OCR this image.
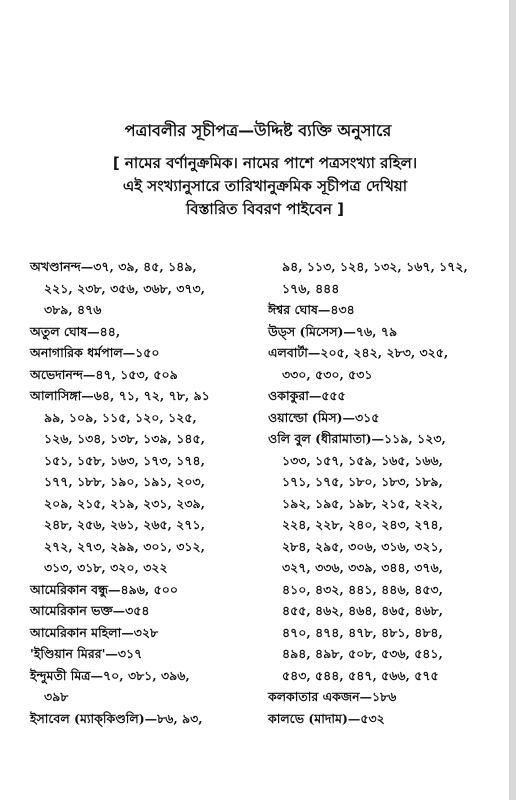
পত্রাবলীর সূচীপত্র—উদ্দিষ্ট ব্যক্তি অনুসারে
[ নামের বর্ণানুক্রমিক। নামের পাশে পত্রসংখ্যা রহিল।
এই সংখ্যানুসারে তারিখানুক্রমিক সূচীপত্র দেখিয়া
বিস্তারিত বিবরণ পাইবেন ]
অখণ্ডানন্দ—৩৭, ৩৯, ৪৫, ১৪৯,
২২১, ২৩৮, ৩৫৬, ৩৬৮, ৩৭৩,
৩৮৯, ৪৭৬
অতুল ঘোষ—৪৪,
অনাগারিক ধর্মপাল—১৫০
অভেদানন্দ—৪৭, ১৫৩, ৫০৯
আলাসিঙ্গা—৬৪, ৭১, ৭২, ৭৮, ৯১
৯৯, ১০৯, ১১৫, ১২০, ১২৫,
১২৬, ১৩৪, ১৩৮, ১৩৯, ১৪৫,
১৫১, ১৫৮, ১৬৩, ১৭৩, ১৭৪,
১৭৭, ১৮৮, ১৯০, ১৯১, ২০৩,
২০৯, ২১৫, ২১৯, ২৩১, ২৩৯,
২৪৮, ২৫৬, ২৬১, ২৬৫, ২৭১,
২৭২, ২৭৩, ২৯৯, ৩০১, ৩১২,
৩১৩, ৩১৮, ৩২০, ৩২২
আমেরিকান বন্ধু—৪৯৬, ৫০০
আমেরিকান ভক্ত—৩৫৪
আমেরিকান মহিলা—৩২৮
'ইণ্ডিয়ান মিরর'—৩১৭
ইন্দুমতী মিত্র—৭০, ৩৮১, ৩৯৬,
৩৯৮
ইসাবেল (ম্যাক্‌কিণ্ডলি)—৮৬, ৯৩,
৯৪, ১১৩, ১২৪, ১৩২, ১৬৭, ১৭২,
১৭৬, ৪৪৪
ঈশ্বর ঘোষ—৪৩৪
উড্‌স (মিসেস)—৭৬, ৭৯
এলবার্টা—২০৫, ২৪২, ২৮৩, ৩২৫,
৩৩০, ৫৩০, ৫৩১
ওকাকুরা—৫৫৫
ওয়াল্ডো (মিস)—৩১৫
ওলি বুল (ধীরামাতা)—১১৯, ১২৩,
১৩৩, ১৫৭, ১৫৯, ১৬৫, ১৬৬,
১৭১, ১৭৫, ১৮০, ১৮৩, ১৮৯,
১৯২, ১৯৫, ১৯৮, ২১৫, ২২২,
২২৪, ২২৮, ২৪০, ২৪৩, ২৭৪,
২৮৪, ২৯৫, ৩০৬, ৩১৬, ৩২১,
৩২৭, ৩৩৬, ৩৩৯, ৩৪৪, ৩৭৬,
৪১০, ৪৩২, ৪৪১, ৪৪৬, ৪৫৩,
৪৫৫, ৪৬২, ৪৬৪, ৪৬৫, ৪৬৮,
৪৭০, ৪৭৪, ৪৭৮, ৪৮১, ৪৮৪,
৪৯৪, ৪৯৮, ৫০৮, ৫৩৬, ৫৪১,
৫৪৩, ৫৪৪, ৫৪৭, ৫৬৬, ৫৭৫
কলকাতার একজন—১৮৬
কালভে (মাদাম)—৫৩২
